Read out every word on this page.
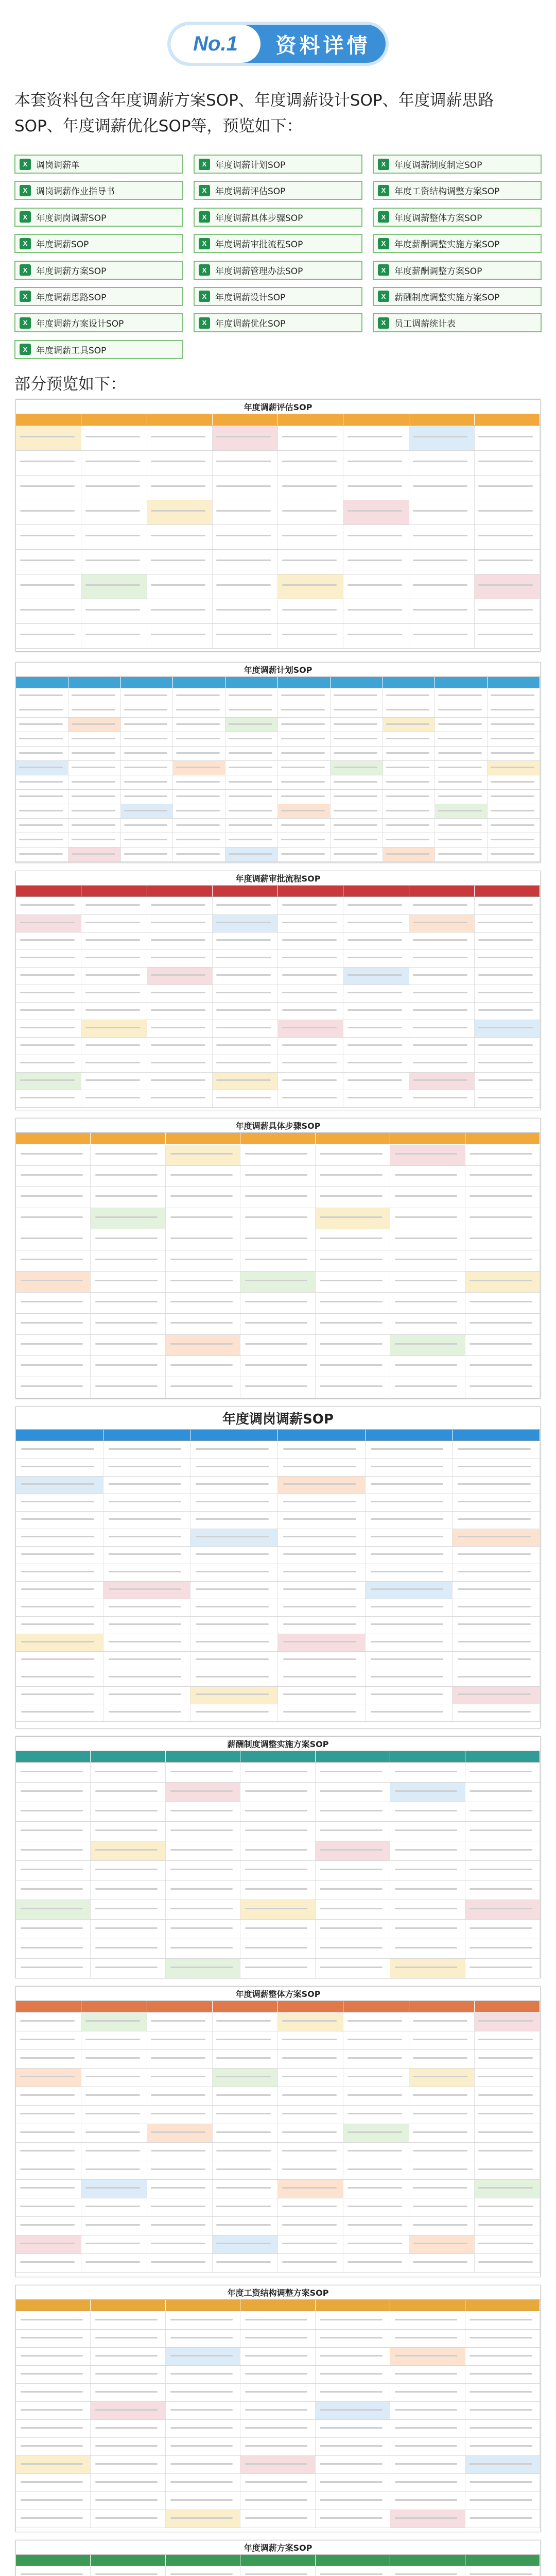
No.1	资料详情

本套资料包含年度调薪方案SOP、年度调薪设计SOP、年度调薪思路SOP、年度调薪优化SOP等，预览如下：

X 调岗调薪单	X 年度调薪计划SOP	X 年度调薪制度制定SOP
X 调岗调薪作业指导书	X 年度调薪评估SOP	X 年度工资结构调整方案SOP
X 年度调岗调薪SOP	X 年度调薪具体步骤SOP	X 年度调薪整体方案SOP
X 年度调薪SOP	X 年度调薪审批流程SOP	X 年度薪酬调整实施方案SOP
X 年度调薪方案SOP	X 年度调薪管理办法SOP	X 年度薪酬调整方案SOP
X 年度调薪思路SOP	X 年度调薪设计SOP	X 薪酬制度调整实施方案SOP
X 年度调薪方案设计SOP	X 年度调薪优化SOP	X 员工调薪统计表
X 年度调薪工具SOP
部分预览如下：
年度调薪评估SOP
年度调薪计划SOP
年度调薪审批流程SOP
年度调薪具体步骤SOP
年度调岗调薪SOP
薪酬制度调整实施方案SOP
年度调薪整体方案SOP
年度工资结构调整方案SOP
年度调薪方案SOP
